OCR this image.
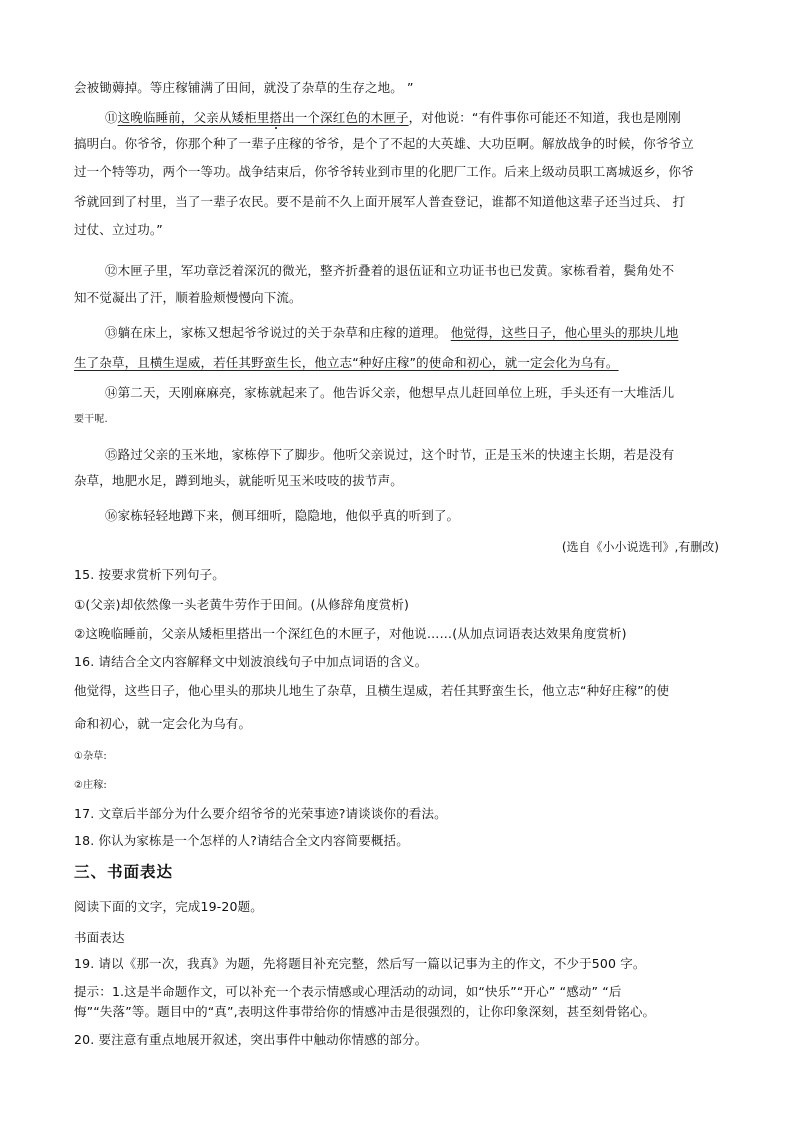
会被锄薅掉。等庄稼铺满了田间，就没了杂草的生存之地。 ”
⑪这晚临睡前，父亲从矮柜里搭出一个深红色的木匣子，对他说：“有件事你可能还不知道，我也是刚刚
搞明白。你爷爷，你那个种了一辈子庄稼的爷爷，是个了不起的大英雄、大功臣啊。解放战争的时候，你爷爷立
过一个特等功，两个一等功。战争结束后，你爷爷转业到市里的化肥厂工作。后来上级动员职工离城返乡，你爷
爷就回到了村里，当了一辈子农民。要不是前不久上面开展军人普查登记，谁都不知道他这辈子还当过兵、 打
过仗、立过功。”
⑫木匣子里，军功章泛着深沉的微光，整齐折叠着的退伍证和立功证书也已发黄。家栋看着，鬓角处不
知不觉凝出了汗，顺着脸颊慢慢向下流。
⑬躺在床上，家栋又想起爷爷说过的关于杂草和庄稼的道理。 他觉得，这些日子，他心里头的那块儿地
生了杂草，且横生逞威，若任其野蛮生长，他立志“种好庄稼”的使命和初心，就一定会化为乌有。
⑭第二天，天刚麻麻亮，家栋就起来了。他告诉父亲，他想早点儿赶回单位上班，手头还有一大堆活儿
要干呢.
⑮路过父亲的玉米地，家栋停下了脚步。他听父亲说过，这个时节，正是玉米的快速主长期，若是没有
杂草，地肥水足，蹲到地头，就能听见玉米吱吱的拔节声。
⑯家栋轻轻地蹲下来，侧耳细听，隐隐地，他似乎真的听到了。
(选自《小小说选刊》,有删改)
15. 按要求赏析下列句子。
①(父亲)却依然像一头老黄牛劳作于田间。(从修辞角度赏析)
②这晚临睡前，父亲从矮柜里搭出一个深红色的木匣子，对他说……(从加点词语表达效果角度赏析)
16. 请结合全文内容解释文中划波浪线句子中加点词语的含义。
他觉得，这些日子，他心里头的那块儿地生了杂草，且横生逞威，若任其野蛮生长，他立志“种好庄稼”的使
命和初心，就一定会化为乌有。
①杂草:
②庄稼:
17. 文章后半部分为什么要介绍爷爷的光荣事迹?请谈谈你的看法。
18. 你认为家栋是一个怎样的人?请结合全文内容简要概括。
三、书面表达
阅读下面的文字，完成19-20题。
书面表达
19. 请以《那一次，我真》为题，先将题目补充完整，然后写一篇以记事为主的作文，不少于500 字。
提示：1.这是半命题作文，可以补充一个表示情感或心理活动的动词，如“快乐”“开心” “感动” “后
悔”“失落”等。题目中的“真”,表明这件事带给你的情感冲击是很强烈的，让你印象深刻，甚至刻骨铭心。
20. 要注意有重点地展开叙述，突出事件中触动你情感的部分。
